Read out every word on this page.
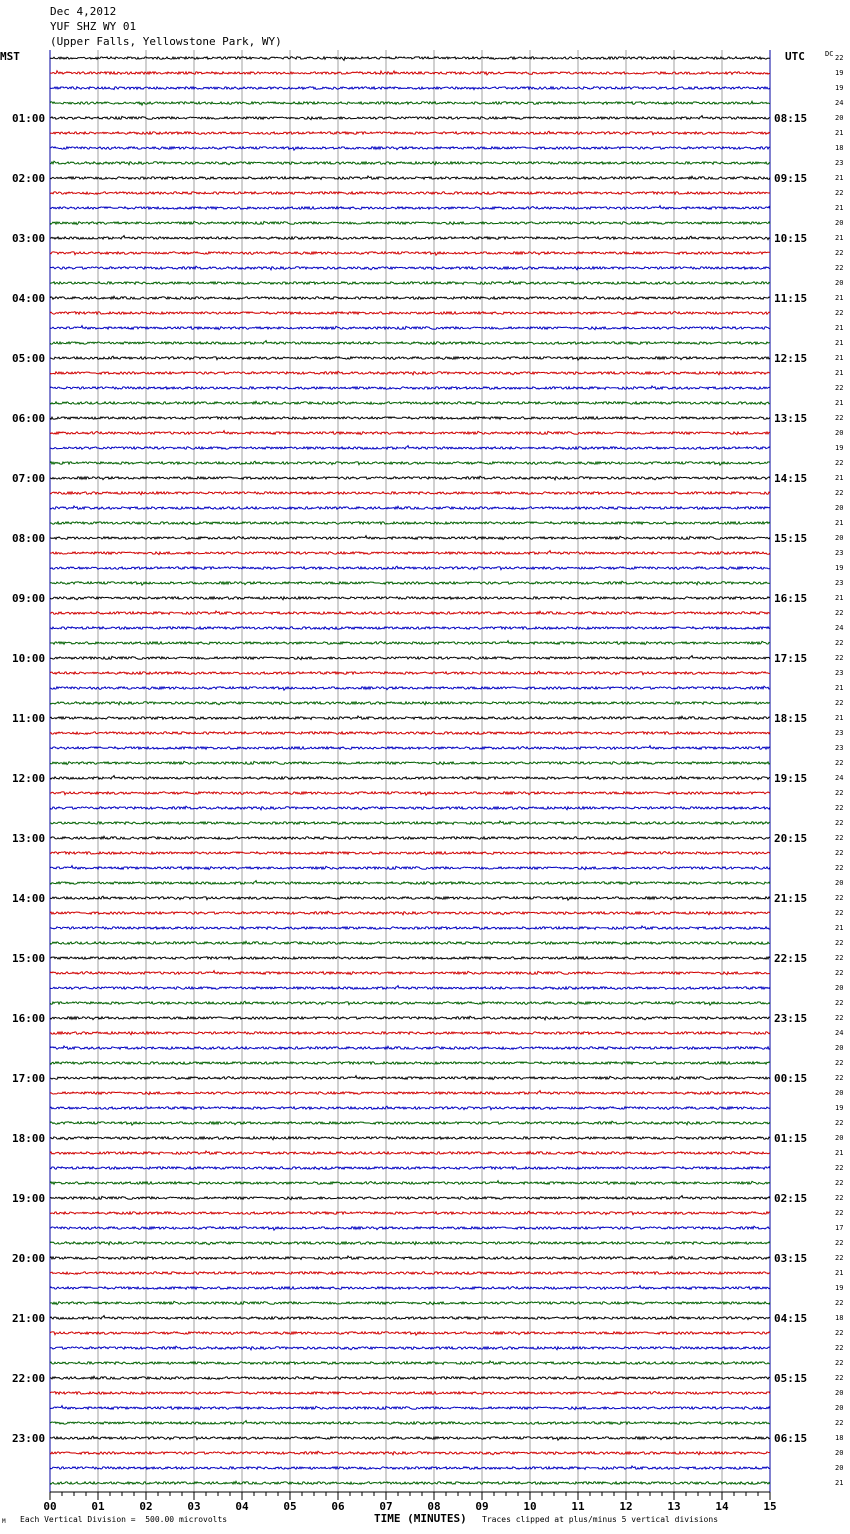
01:00
02:00
03:00
04:00
05:00
06:00
07:00
08:00
09:00
10:00
11:00
12:00
13:00
14:00
15:00
16:00
17:00
18:00
19:00
20:00
21:00
22:00
23:00
08:15
09:15
10:15
11:15
12:15
13:15
14:15
15:15
16:15
17:15
18:15
19:15
20:15
21:15
22:15
23:15
00:15
01:15
02:15
03:15
04:15
05:15
06:15
22
19
19
24
20
21
18
23
21
22
21
20
21
22
22
20
21
22
21
21
21
21
22
21
22
20
19
22
21
22
20
21
20
23
19
23
21
22
24
22
22
23
21
22
21
23
23
22
24
22
22
22
22
22
22
20
22
22
21
22
22
22
20
22
22
24
20
22
22
20
19
22
20
21
22
22
22
22
17
22
22
21
19
22
18
22
22
22
22
20
20
22
18
20
20
21
00	01	02	03	04	05	06	07	08	09	10	11	12	13	14	15
Dec 4,2012
YUF SHZ WY 01
(Upper Falls, Yellowstone Park, WY)
MST	UTC	DC
M Each Vertical Division =  500.00 microvolts	TIME (MINUTES) Traces clipped at plus/minus 5 vertical divisions
